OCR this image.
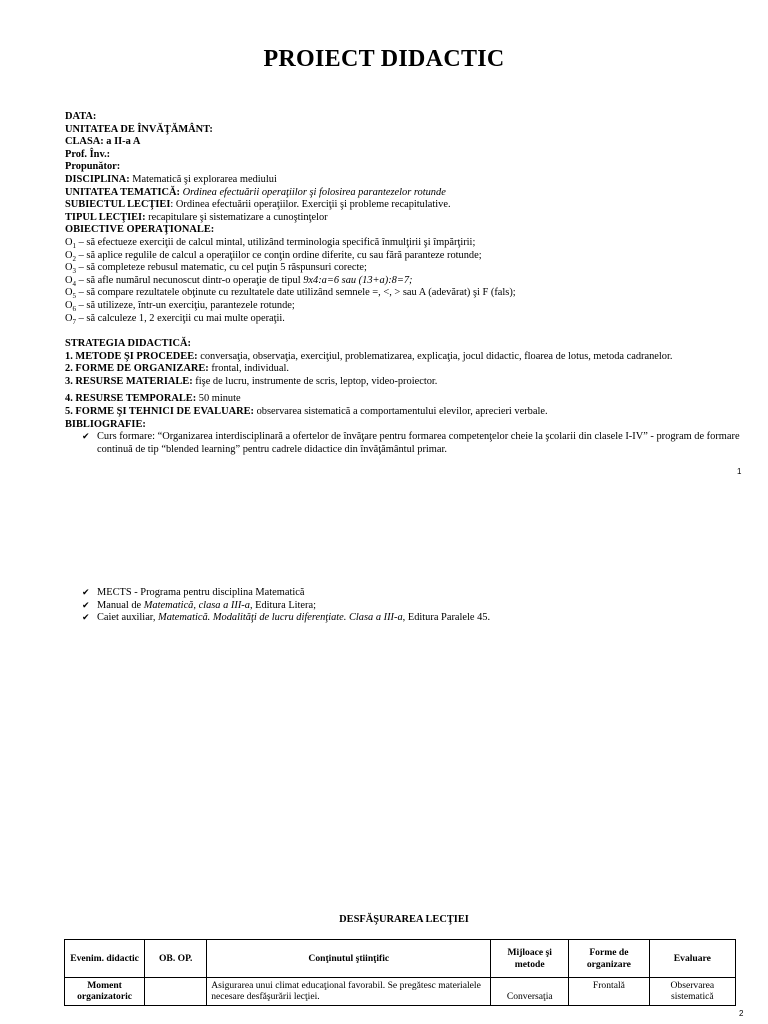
PROIECT DIDACTIC
DATA:
UNITATEA DE ÎNVĂŢĂMÂNT:
CLASA: a II-a A
Prof. Înv.:
Propunător:
DISCIPLINA: Matematică şi explorarea mediului
UNITATEA TEMATICĂ: Ordinea efectuării operaţiilor şi folosirea parantezelor rotunde
SUBIECTUL LECŢIEI: Ordinea efectuării operaţiilor. Exerciţii şi probleme recapitulative.
TIPUL LECŢIEI: recapitulare şi sistematizare a cunoştinţelor
OBIECTIVE OPERAŢIONALE:
$O_1$ – să efectueze exerciţii de calcul mintal, utilizând terminologia specifică înmulţirii şi împărţirii;
$O_2$ – să aplice regulile de calcul a operaţiilor ce conţin ordine diferite, cu sau fără paranteze rotunde;
$O_3$ – să completeze rebusul matematic, cu cel puţin 5 răspunsuri corecte;
$O_4$ – să afle numărul necunoscut dintr-o operaţie de tipul 9x4:a=6 sau (13+a):8=7;
$O_5$ – să compare rezultatele obţinute cu rezultatele date utilizând semnele =, <, > sau A (adevărat) şi F (fals);
$O_6$ – să utilizeze, într-un exerciţiu, parantezele rotunde;
$O_7$ – să calculeze 1, 2 exerciţii cu mai multe operaţii.
STRATEGIA DIDACTICĂ:
1. METODE ŞI PROCEDEE: conversaţia, observaţia, exerciţiul, problematizarea, explicaţia, jocul didactic, floarea de lotus, metoda cadranelor.
2. FORME DE ORGANIZARE: frontal, individual.
3. RESURSE MATERIALE: fişe de lucru, instrumente de scris, leptop, video-proiector.
4. RESURSE TEMPORALE: 50 minute
5. FORME ŞI TEHNICI DE EVALUARE: observarea sistematică a comportamentului elevilor, aprecieri verbale.
BIBLIOGRAFIE:
✔ Curs formare: “Organizarea interdisciplinară a ofertelor de învăţare pentru formarea competenţelor cheie la şcolarii din clasele I-IV” - program de formare continuă de tip “blended learning” pentru cadrele didactice din învăţământul primar.
1
✔ MECTS - Programa pentru disciplina Matematică
✔ Manual de Matematică, clasa a III-a, Editura Litera;
✔ Caiet auxiliar, Matematică. Modalităţi de lucru diferenţiate. Clasa a III-a, Editura Paralele 45.
DESFĂŞURAREA LECŢIEI
Evenim. didactic	OB. OP.	Conţinutul ştiinţific	Mijloace şi metode	Forme de organizare	Evaluare
Moment organizatoric		Asigurarea unui climat educaţional favorabil. Se pregătesc materialele necesare desfăşurării lecţiei.	Conversaţia	Frontală	Observarea sistematică
2
